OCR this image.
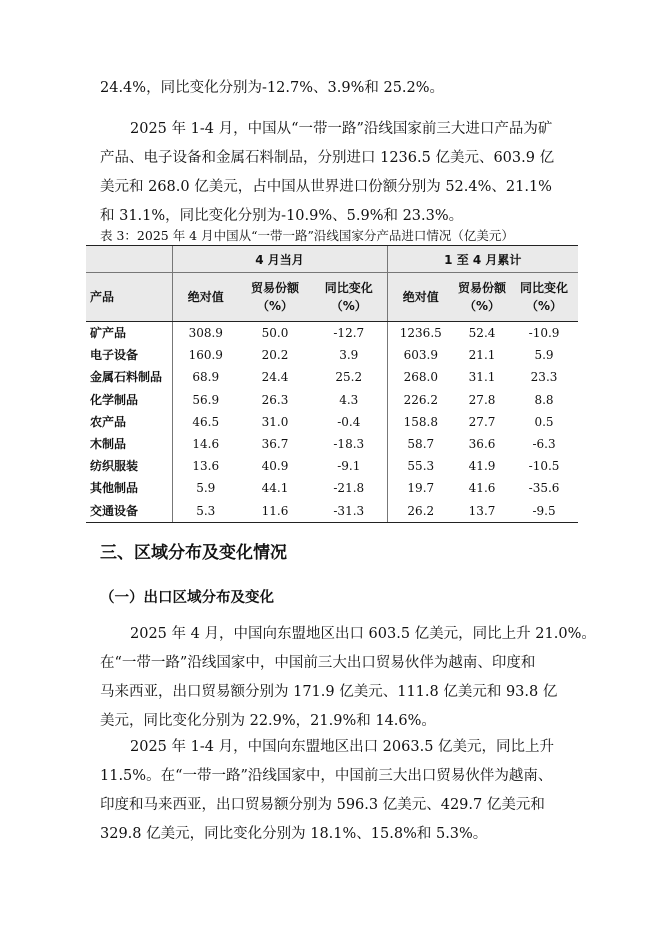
24.4%，同比变化分别为-12.7%、3.9%和 25.2%。

2025 年 1-4 月，中国从“一带一路”沿线国家前三大进口产品为矿
产品、电子设备和金属石料制品，分别进口 1236.5 亿美元、603.9 亿
美元和 268.0 亿美元，占中国从世界进口份额分别为 52.4%、21.1%
和 31.1%，同比变化分别为-10.9%、5.9%和 23.3%。

表 3：2025 年 4 月中国从“一带一路”沿线国家分产品进口情况（亿美元）
	4 月当月			1 至 4 月累计		
产品	绝对值	贸易份额（%）	同比变化（%）	绝对值	贸易份额（%）	同比变化（%）
矿产品	308.9	50.0	-12.7	1236.5	52.4	-10.9
电子设备	160.9	20.2	3.9	603.9	21.1	5.9
金属石料制品	68.9	24.4	25.2	268.0	31.1	23.3
化学制品	56.9	26.3	4.3	226.2	27.8	8.8
农产品	46.5	31.0	-0.4	158.8	27.7	0.5
木制品	14.6	36.7	-18.3	58.7	36.6	-6.3
纺织服装	13.6	40.9	-9.1	55.3	41.9	-10.5
其他制品	5.9	44.1	-21.8	19.7	41.6	-35.6
交通设备	5.3	11.6	-31.3	26.2	13.7	-9.5
三、区域分布及变化情况
（一）出口区域分布及变化

2025 年 4 月，中国向东盟地区出口 603.5 亿美元，同比上升 21.0%。
在“一带一路”沿线国家中，中国前三大出口贸易伙伴为越南、印度和
马来西亚，出口贸易额分别为 171.9 亿美元、111.8 亿美元和 93.8 亿
美元，同比变化分别为 22.9%，21.9%和 14.6%。

2025 年 1-4 月，中国向东盟地区出口 2063.5 亿美元，同比上升
11.5%。在“一带一路”沿线国家中，中国前三大出口贸易伙伴为越南、
印度和马来西亚，出口贸易额分别为 596.3 亿美元、429.7 亿美元和
329.8 亿美元，同比变化分别为 18.1%、15.8%和 5.3%。
